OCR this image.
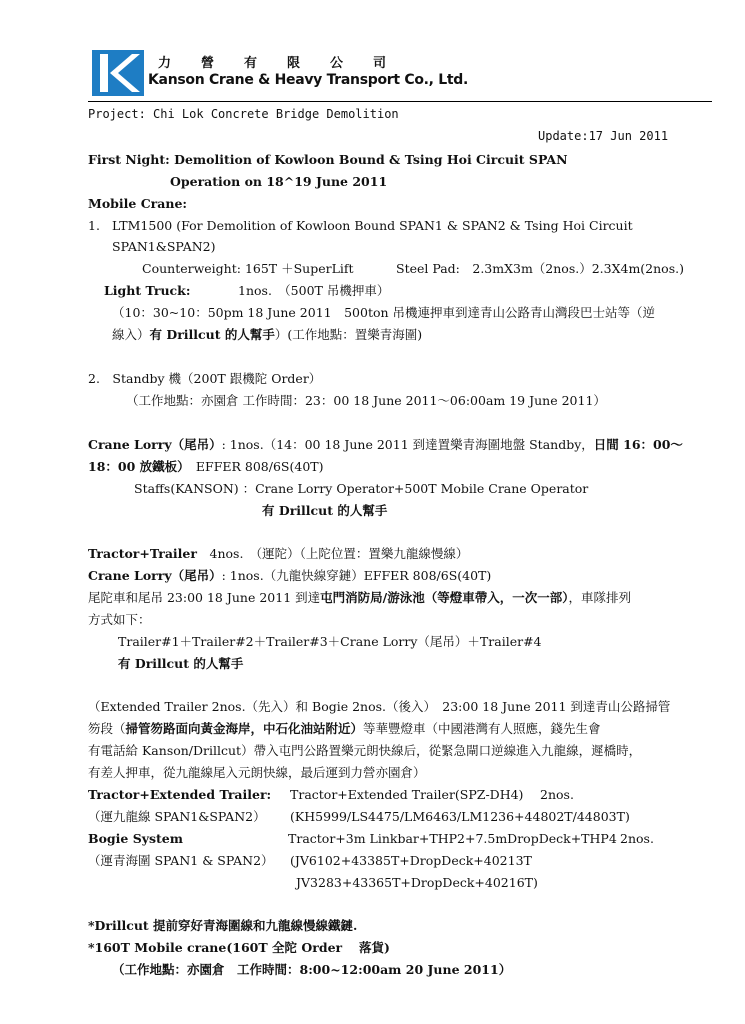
力營有限公司
Kanson Crane & Heavy Transport Co., Ltd.
Project: Chi Lok Concrete Bridge Demolition
Update:17 Jun 2011
First Night: Demolition of Kowloon Bound & Tsing Hoi Circuit SPAN
Operation on 18^19 June 2011
Mobile Crane:
1. LTM1500 (For Demolition of Kowloon Bound SPAN1 & SPAN2 & Tsing Hoi Circuit
SPAN1&SPAN2)
Counterweight: 165T ＋SuperLift	Steel Pad:　2.3mX3m（2nos.）2.3X4m(2nos.)
Light Truck:	1nos.　（500T 吊機押車）
（10：30~10：50pm 18 June 2011　500ton 吊機連押車到達青山公路青山灣段巴士站等（逆
線入）有 Drillcut 的人幫手）(工作地點：置樂青海圍)
2.　Standby 機（200T 跟機陀 Order）
（工作地點：亦園倉 工作時間：23：00 18 June 2011～06:00am 19 June 2011）
Crane Lorry（尾吊）: 1nos.（14：00 18 June 2011 到達置樂青海圍地盤 Standby，日間 16：00～
18：00 放鐵板）　 EFFER 808/6S(40T)
Staffs(KANSON) ：Crane Lorry Operator+500T Mobile Crane Operator
有 Drillcut 的人幫手
Tractor+Trailer　 4nos.　（運陀）（上陀位置：置樂九龍線慢線）
Crane Lorry（尾吊）: 1nos.（九龍快線穿鏈）EFFER 808/6S(40T)
尾陀車和尾吊 23:00 18 June 2011 到達屯門消防局/游泳池（等燈車帶入，一次一部），車隊排列
方式如下：
Trailer#1＋Trailer#2＋Trailer#3＋Crane Lorry（尾吊）＋Trailer#4
有 Drillcut 的人幫手
（Extended Trailer 2nos.（先入）和 Bogie 2nos.（後入）　23:00 18 June 2011 到達青山公路掃管
笏段（掃管笏路面向黃金海岸，中石化油站附近）等華豐燈車（中國港灣有人照應，錢先生會
有電話給 Kanson/Drillcut）帶入屯門公路置樂元朗快線后，從緊急閘口逆線進入九龍線，遲橋時，
有差人押車，從九龍線尾入元朗快線，最后運到力營亦園倉）
Tractor+Extended Trailer: Tractor+Extended Trailer(SPZ-DH4) 2nos.
（運九龍線 SPAN1&SPAN2） (KH5999/LS4475/LM6463/LM1236+44802T/44803T)
Bogie System	Tractor+3m Linkbar+THP2+7.5mDropDeck+THP4 2nos.
（運青海圍 SPAN1 & SPAN2） (JV6102+43385T+DropDeck+40213T
JV3283+43365T+DropDeck+40216T)
*Drillcut 提前穿好青海圍線和九龍線慢線鐵鏈.
*160T Mobile crane(160T 全陀 Order　 落貨)
（工作地點：亦園倉　工作時間：8:00~12:00am 20 June 2011）
